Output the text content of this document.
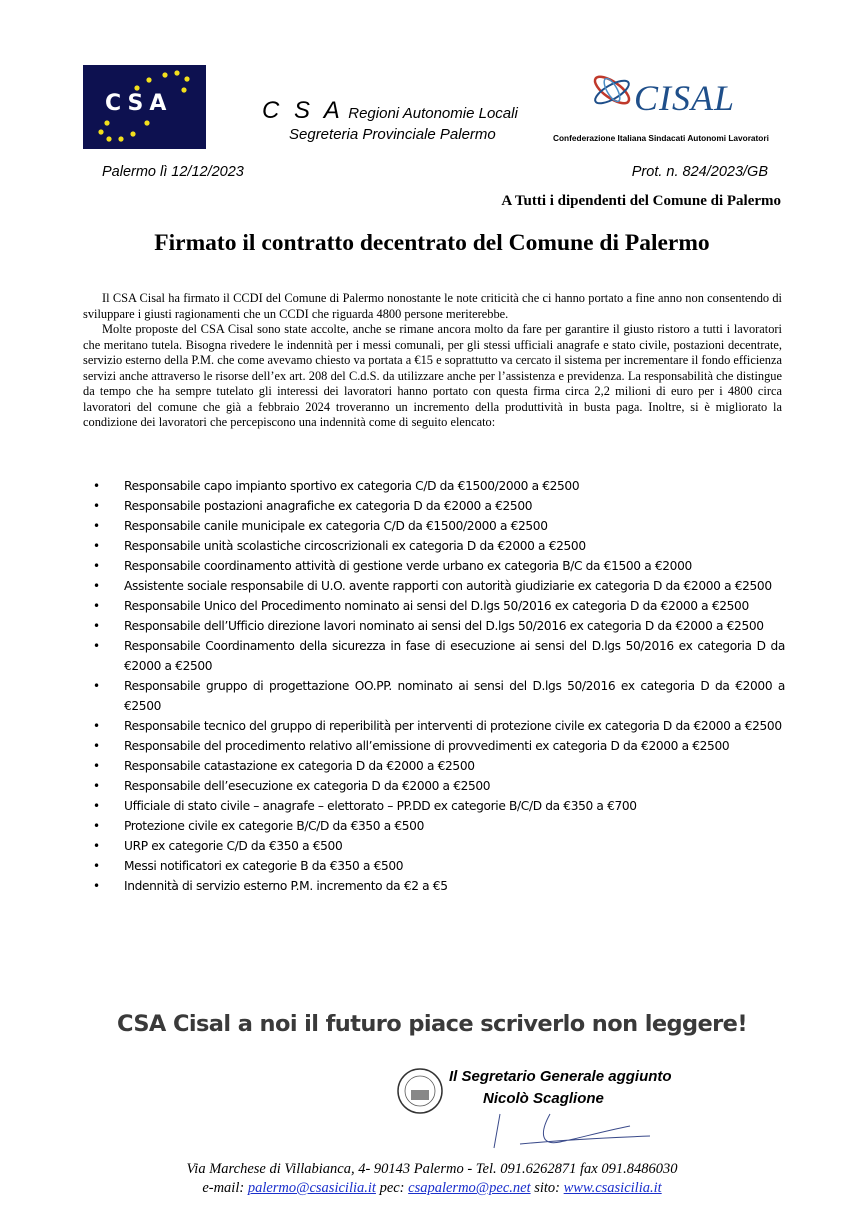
CSA	C S A Regioni Autonomie Locali
Segreteria Provinciale Palermo
CISAL
Confederazione Italiana Sindacati Autonomi Lavoratori
Palermo lì 12/12/2023	Prot. n. 824/2023/GB
A Tutti i dipendenti del Comune di Palermo
Firmato il contratto decentrato del Comune di Palermo

Il CSA Cisal ha firmato il CCDI del Comune di Palermo nonostante le note criticità che ci hanno portato a fine anno non consentendo di sviluppare i giusti ragionamenti che un CCDI che riguarda 4800 persone meriterebbe.

Molte proposte del CSA Cisal sono state accolte, anche se rimane ancora molto da fare per garantire il giusto ristoro a tutti i lavoratori che meritano tutela. Bisogna rivedere le indennità per i messi comunali, per gli stessi ufficiali anagrafe e stato civile, postazioni decentrate, servizio esterno della P.M. che come avevamo chiesto va portata a €15 e soprattutto va cercato il sistema per incrementare il fondo efficienza servizi anche attraverso le risorse dell’ex art. 208 del C.d.S. da utilizzare anche per l’assistenza e previdenza. La responsabilità che distingue da tempo che ha sempre tutelato gli interessi dei lavoratori hanno portato con questa firma circa 2,2 milioni di euro per i 4800 circa lavoratori del comune che già a febbraio 2024 troveranno un incremento della produttività in busta paga. Inoltre, si è migliorato la condizione dei lavoratori che percepiscono una indennità come di seguito elencato:

• Responsabile capo impianto sportivo ex categoria C/D da €1500/2000 a €2500
• Responsabile postazioni anagrafiche ex categoria D da €2000 a €2500
• Responsabile canile municipale ex categoria C/D da €1500/2000 a €2500
• Responsabile unità scolastiche circoscrizionali ex categoria D da €2000 a €2500
• Responsabile coordinamento attività di gestione verde urbano ex categoria B/C da €1500 a €2000
• Assistente sociale responsabile di U.O. avente rapporti con autorità giudiziarie ex categoria D da €2000 a €2500
• Responsabile Unico del Procedimento nominato ai sensi del D.lgs 50/2016 ex categoria D da €2000 a €2500
• Responsabile dell’Ufficio direzione lavori nominato ai sensi del D.lgs 50/2016 ex categoria D da €2000 a €2500
• Responsabile Coordinamento della sicurezza in fase di esecuzione ai sensi del D.lgs 50/2016 ex categoria D da €2000 a €2500
• Responsabile gruppo di progettazione OO.PP. nominato ai sensi del D.lgs 50/2016 ex categoria D da €2000 a €2500
• Responsabile tecnico del gruppo di reperibilità per interventi di protezione civile ex categoria D da €2000 a €2500
• Responsabile del procedimento relativo all’emissione di provvedimenti ex categoria D da €2000 a €2500
• Responsabile catastazione ex categoria D da €2000 a €2500
• Responsabile dell’esecuzione ex categoria D da €2000 a €2500
• Ufficiale di stato civile – anagrafe – elettorato – PP.DD ex categorie B/C/D da €350 a €700
• Protezione civile ex categorie B/C/D da €350 a €500
• URP ex categorie C/D da €350 a €500
• Messi notificatori ex categorie B da €350 a €500
• Indennità di servizio esterno P.M. incremento da €2 a €5
CSA Cisal a noi il futuro piace scriverlo non leggere!
Il Segretario Generale aggiunto
Nicolò Scaglione
Via Marchese di Villabianca, 4- 90143 Palermo - Tel. 091.6262871 fax 091.8486030
e-mail: palermo@csasicilia.it pec: csapalermo@pec.net sito: www.csasicilia.it
